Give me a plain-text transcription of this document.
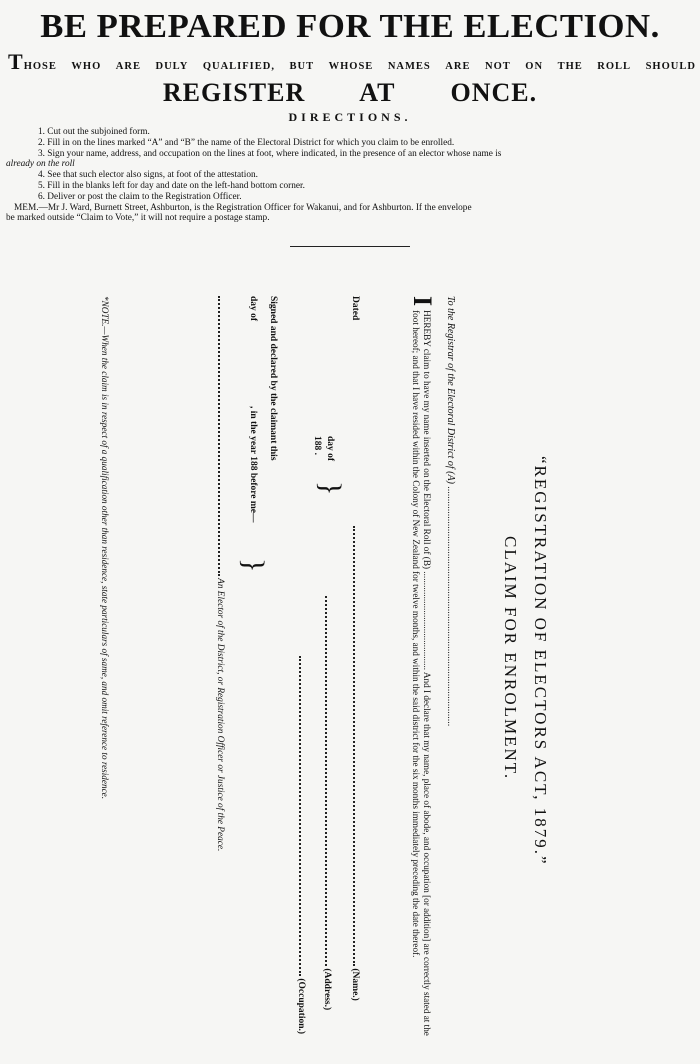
BE PREPARED FOR THE ELECTION.
THOSE WHO ARE DULY QUALIFIED, BUT WHOSE NAMES ARE NOT ON THE ROLL SHOULD
REGISTER AT ONCE.
DIRECTIONS.
1. Cut out the subjoined form.
2. Fill in on the lines marked “A” and “B” the name of the Electoral District for which you claim to be enrolled.
3. Sign your name, address, and occupation on the lines at foot, where indicated, in the presence of an elector whose name is
already on the roll
4. See that such elector also signs, at foot of the attestation.
5. Fill in the blanks left for day and date on the left-hand bottom corner.
6. Deliver or post the claim to the Registration Officer.
MEM.—Mr J. Ward, Burnett Street, Ashburton, is the Registration Officer for Wakanui, and for Ashburton. If the envelope
be marked outside “Claim to Vote,” it will not require a postage stamp.
“REGISTRATION OF ELECTORS ACT, 1879.”
CLAIM FOR ENROLMENT.
To the Registrar of the Electoral District of (A) ................................................................................................
I
HEREBY claim to have my name inserted on the Electoral Roll of (B) ........................................... And I declare that my name, place of abode, and occupation [or addition] are correctly stated at the foot hereof; and that I have resided within the Colony of New Zealand for twelve months, and within the said district for the six months immediately preceding the date thereof.
(Name.)
(Address.)
(Occupation.)
Dated
day of
188 .
}
Signed and declared by the claimant this
day of
, in the year 188 before me—
}
An Elector of the District, or Registration Officer or Justice of the Peace.
*NOTE.—When the claim is in respect of a qualification other than residence, state particulars of same, and omit reference to residence.
